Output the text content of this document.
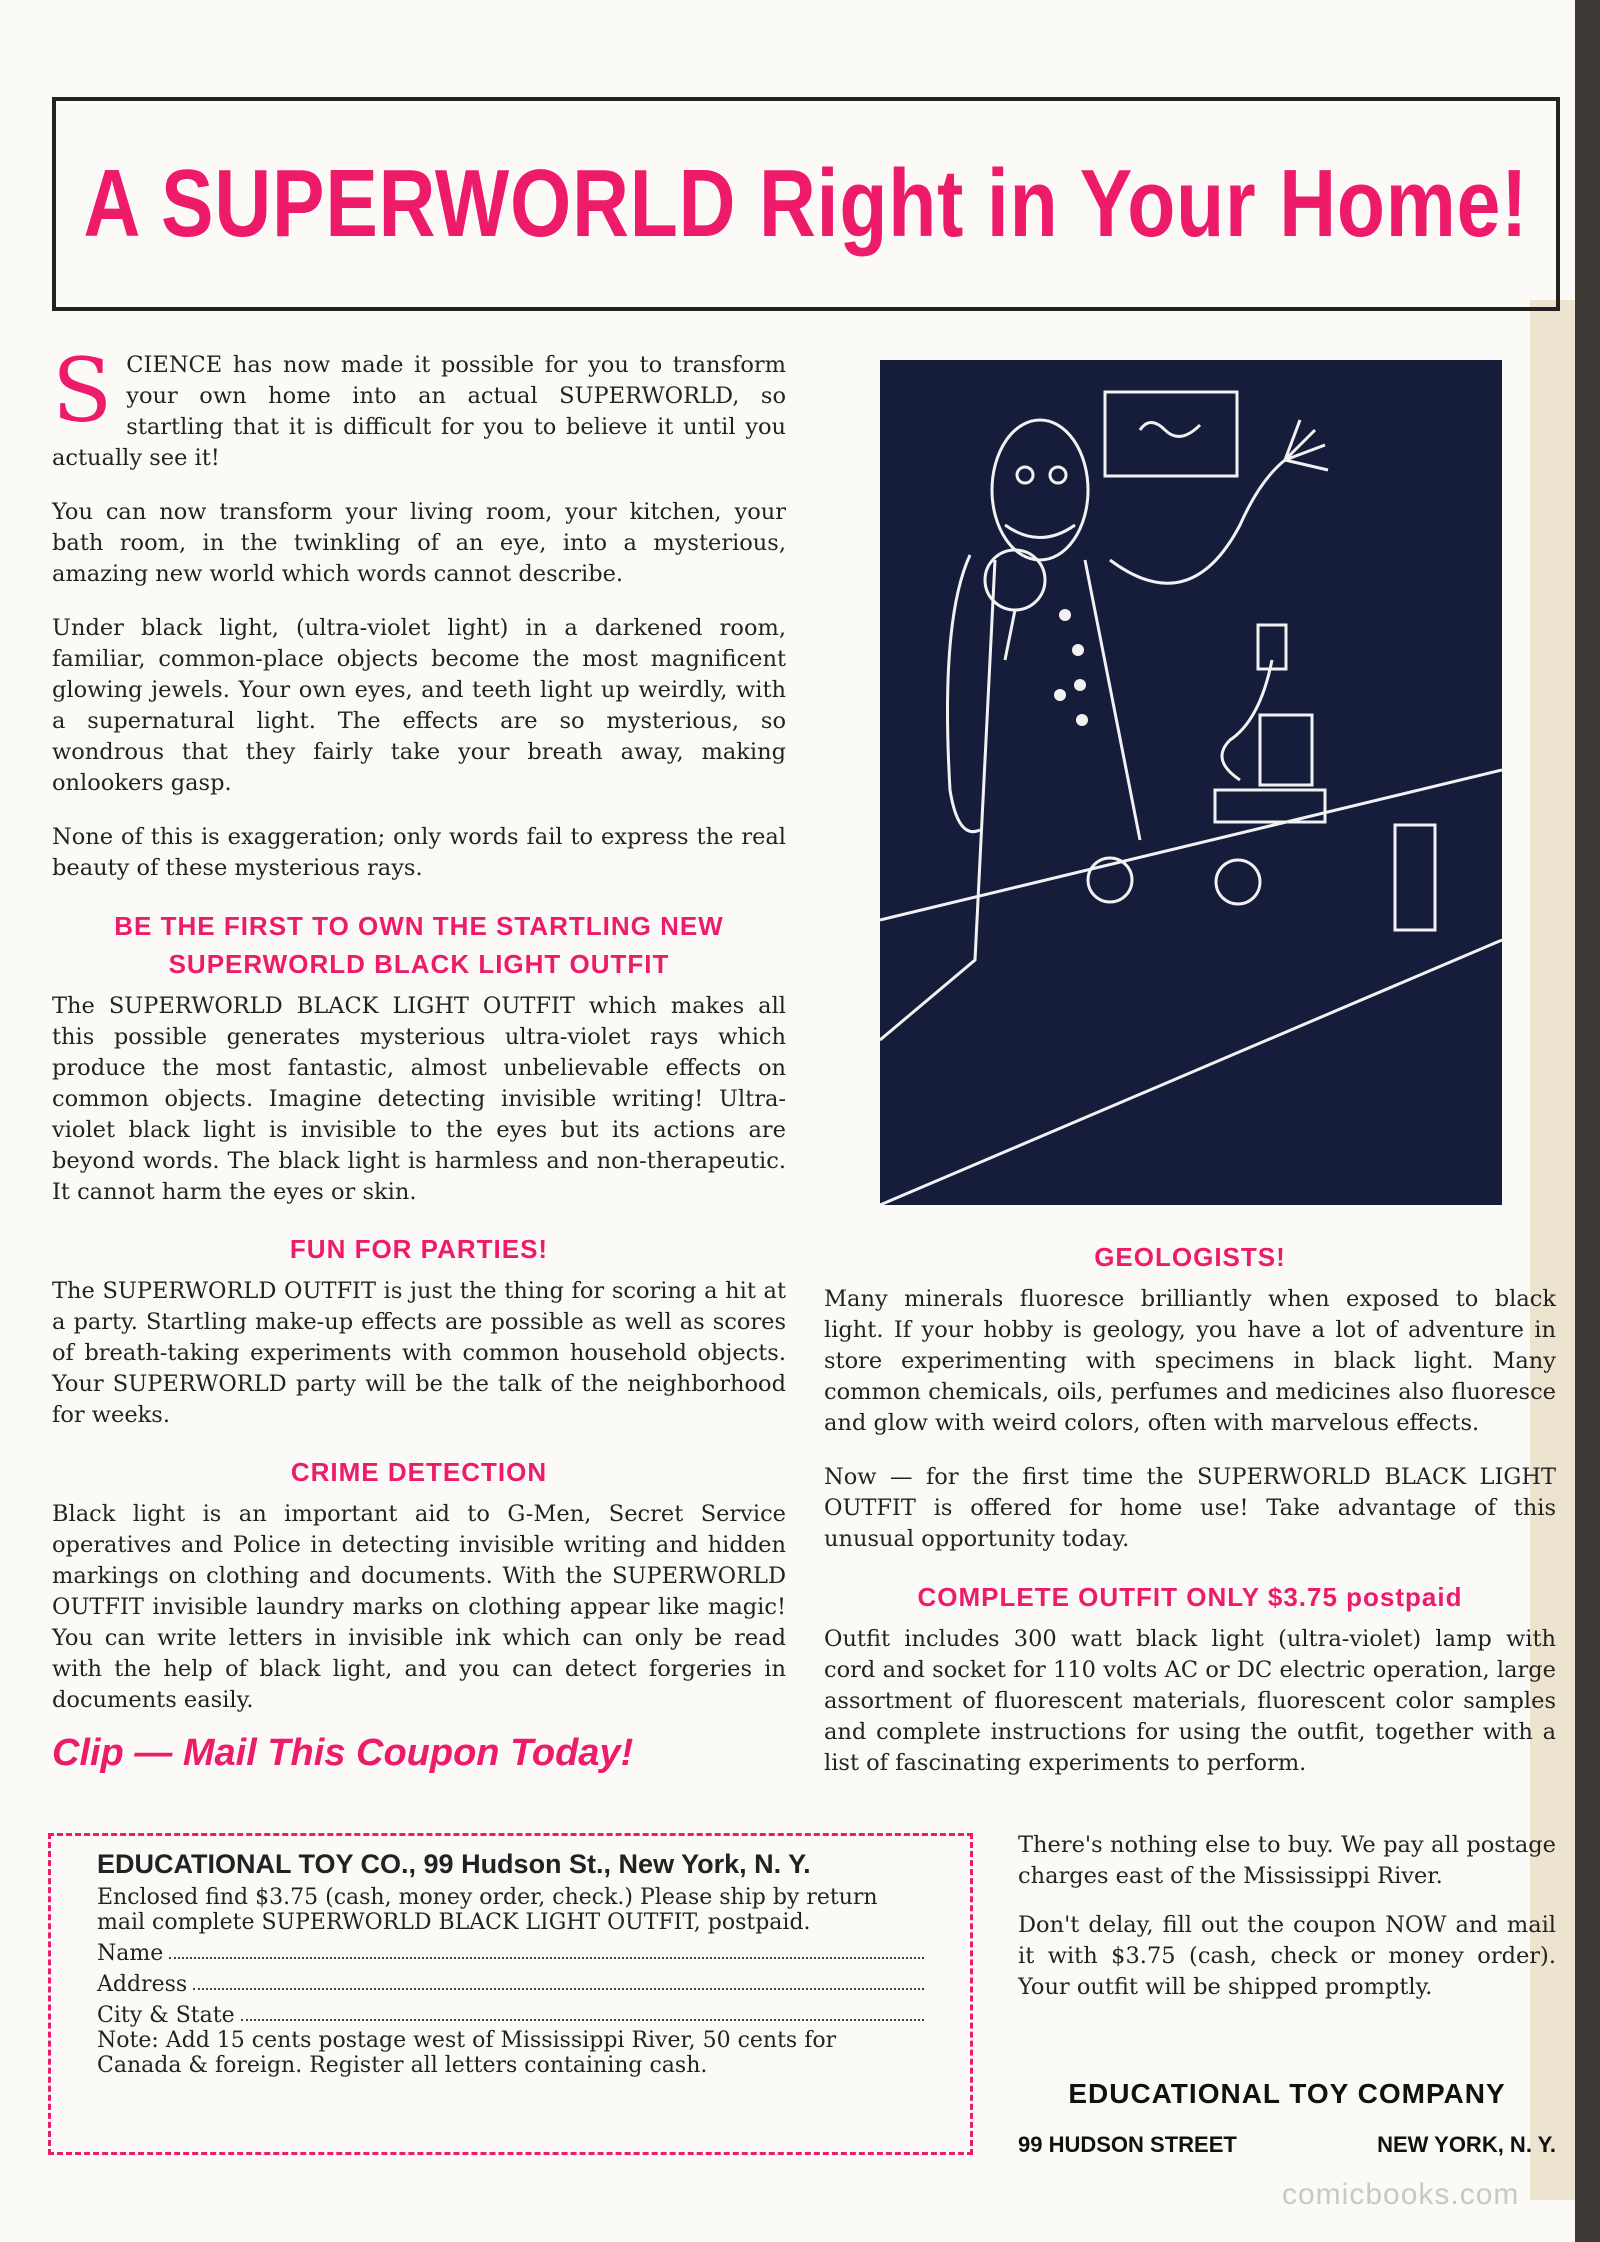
A SUPERWORLD Right in Your Home!

SCIENCE has now made it possible for you to transform your own home into an actual SUPERWORLD, so startling that it is difficult for you to believe it until you actually see it!

You can now transform your living room, your kitchen, your bath room, in the twinkling of an eye, into a mysterious, amazing new world which words cannot describe.

Under black light, (ultra-violet light) in a darkened room, familiar, common-place objects become the most magnificent glowing jewels. Your own eyes, and teeth light up weirdly, with a supernatural light. The effects are so mysterious, so wondrous that they fairly take your breath away, making onlookers gasp.

None of this is exaggeration; only words fail to express the real beauty of these mysterious rays.

BE THE FIRST TO OWN THE STARTLING NEW SUPERWORLD BLACK LIGHT OUTFIT

The SUPERWORLD BLACK LIGHT OUTFIT which makes all this possible generates mysterious ultra-violet rays which produce the most fantastic, almost unbelievable effects on common objects. Imagine detecting invisible writing! Ultra-violet black light is invisible to the eyes but its actions are beyond words. The black light is harmless and non-therapeutic. It cannot harm the eyes or skin.

FUN FOR PARTIES!

The SUPERWORLD OUTFIT is just the thing for scoring a hit at a party. Startling make-up effects are possible as well as scores of breath-taking experiments with common household objects. Your SUPERWORLD party will be the talk of the neighborhood for weeks.

CRIME DETECTION

Black light is an important aid to G-Men, Secret Service operatives and Police in detecting invisible writing and hidden markings on clothing and documents. With the SUPERWORLD OUTFIT invisible laundry marks on clothing appear like magic! You can write letters in invisible ink which can only be read with the help of black light, and you can detect forgeries in documents easily.

Clip — Mail This Coupon Today!
GEOLOGISTS!

Many minerals fluoresce brilliantly when exposed to black light. If your hobby is geology, you have a lot of adventure in store experimenting with specimens in black light. Many common chemicals, oils, perfumes and medicines also fluoresce and glow with weird colors, often with marvelous effects.

Now — for the first time the SUPERWORLD BLACK LIGHT OUTFIT is offered for home use! Take advantage of this unusual opportunity today.

COMPLETE OUTFIT ONLY $3.75 postpaid

Outfit includes 300 watt black light (ultra-violet) lamp with cord and socket for 110 volts AC or DC electric operation, large assortment of fluorescent materials, fluorescent color samples and complete instructions for using the outfit, together with a list of fascinating experiments to perform.

EDUCATIONAL TOY CO., 99 Hudson St., New York, N. Y.

Enclosed find $3.75 (cash, money order, check.) Please ship by return mail complete SUPERWORLD BLACK LIGHT OUTFIT, postpaid.

Name
Address
City & State

Note: Add 15 cents postage west of Mississippi River, 50 cents for Canada & foreign. Register all letters containing cash.

There's nothing else to buy. We pay all postage charges east of the Mississippi River.

Don't delay, fill out the coupon NOW and mail it with $3.75 (cash, check or money order). Your outfit will be shipped promptly.

EDUCATIONAL TOY COMPANY
99 HUDSON STREET	NEW YORK, N. Y.
comicbooks.com
